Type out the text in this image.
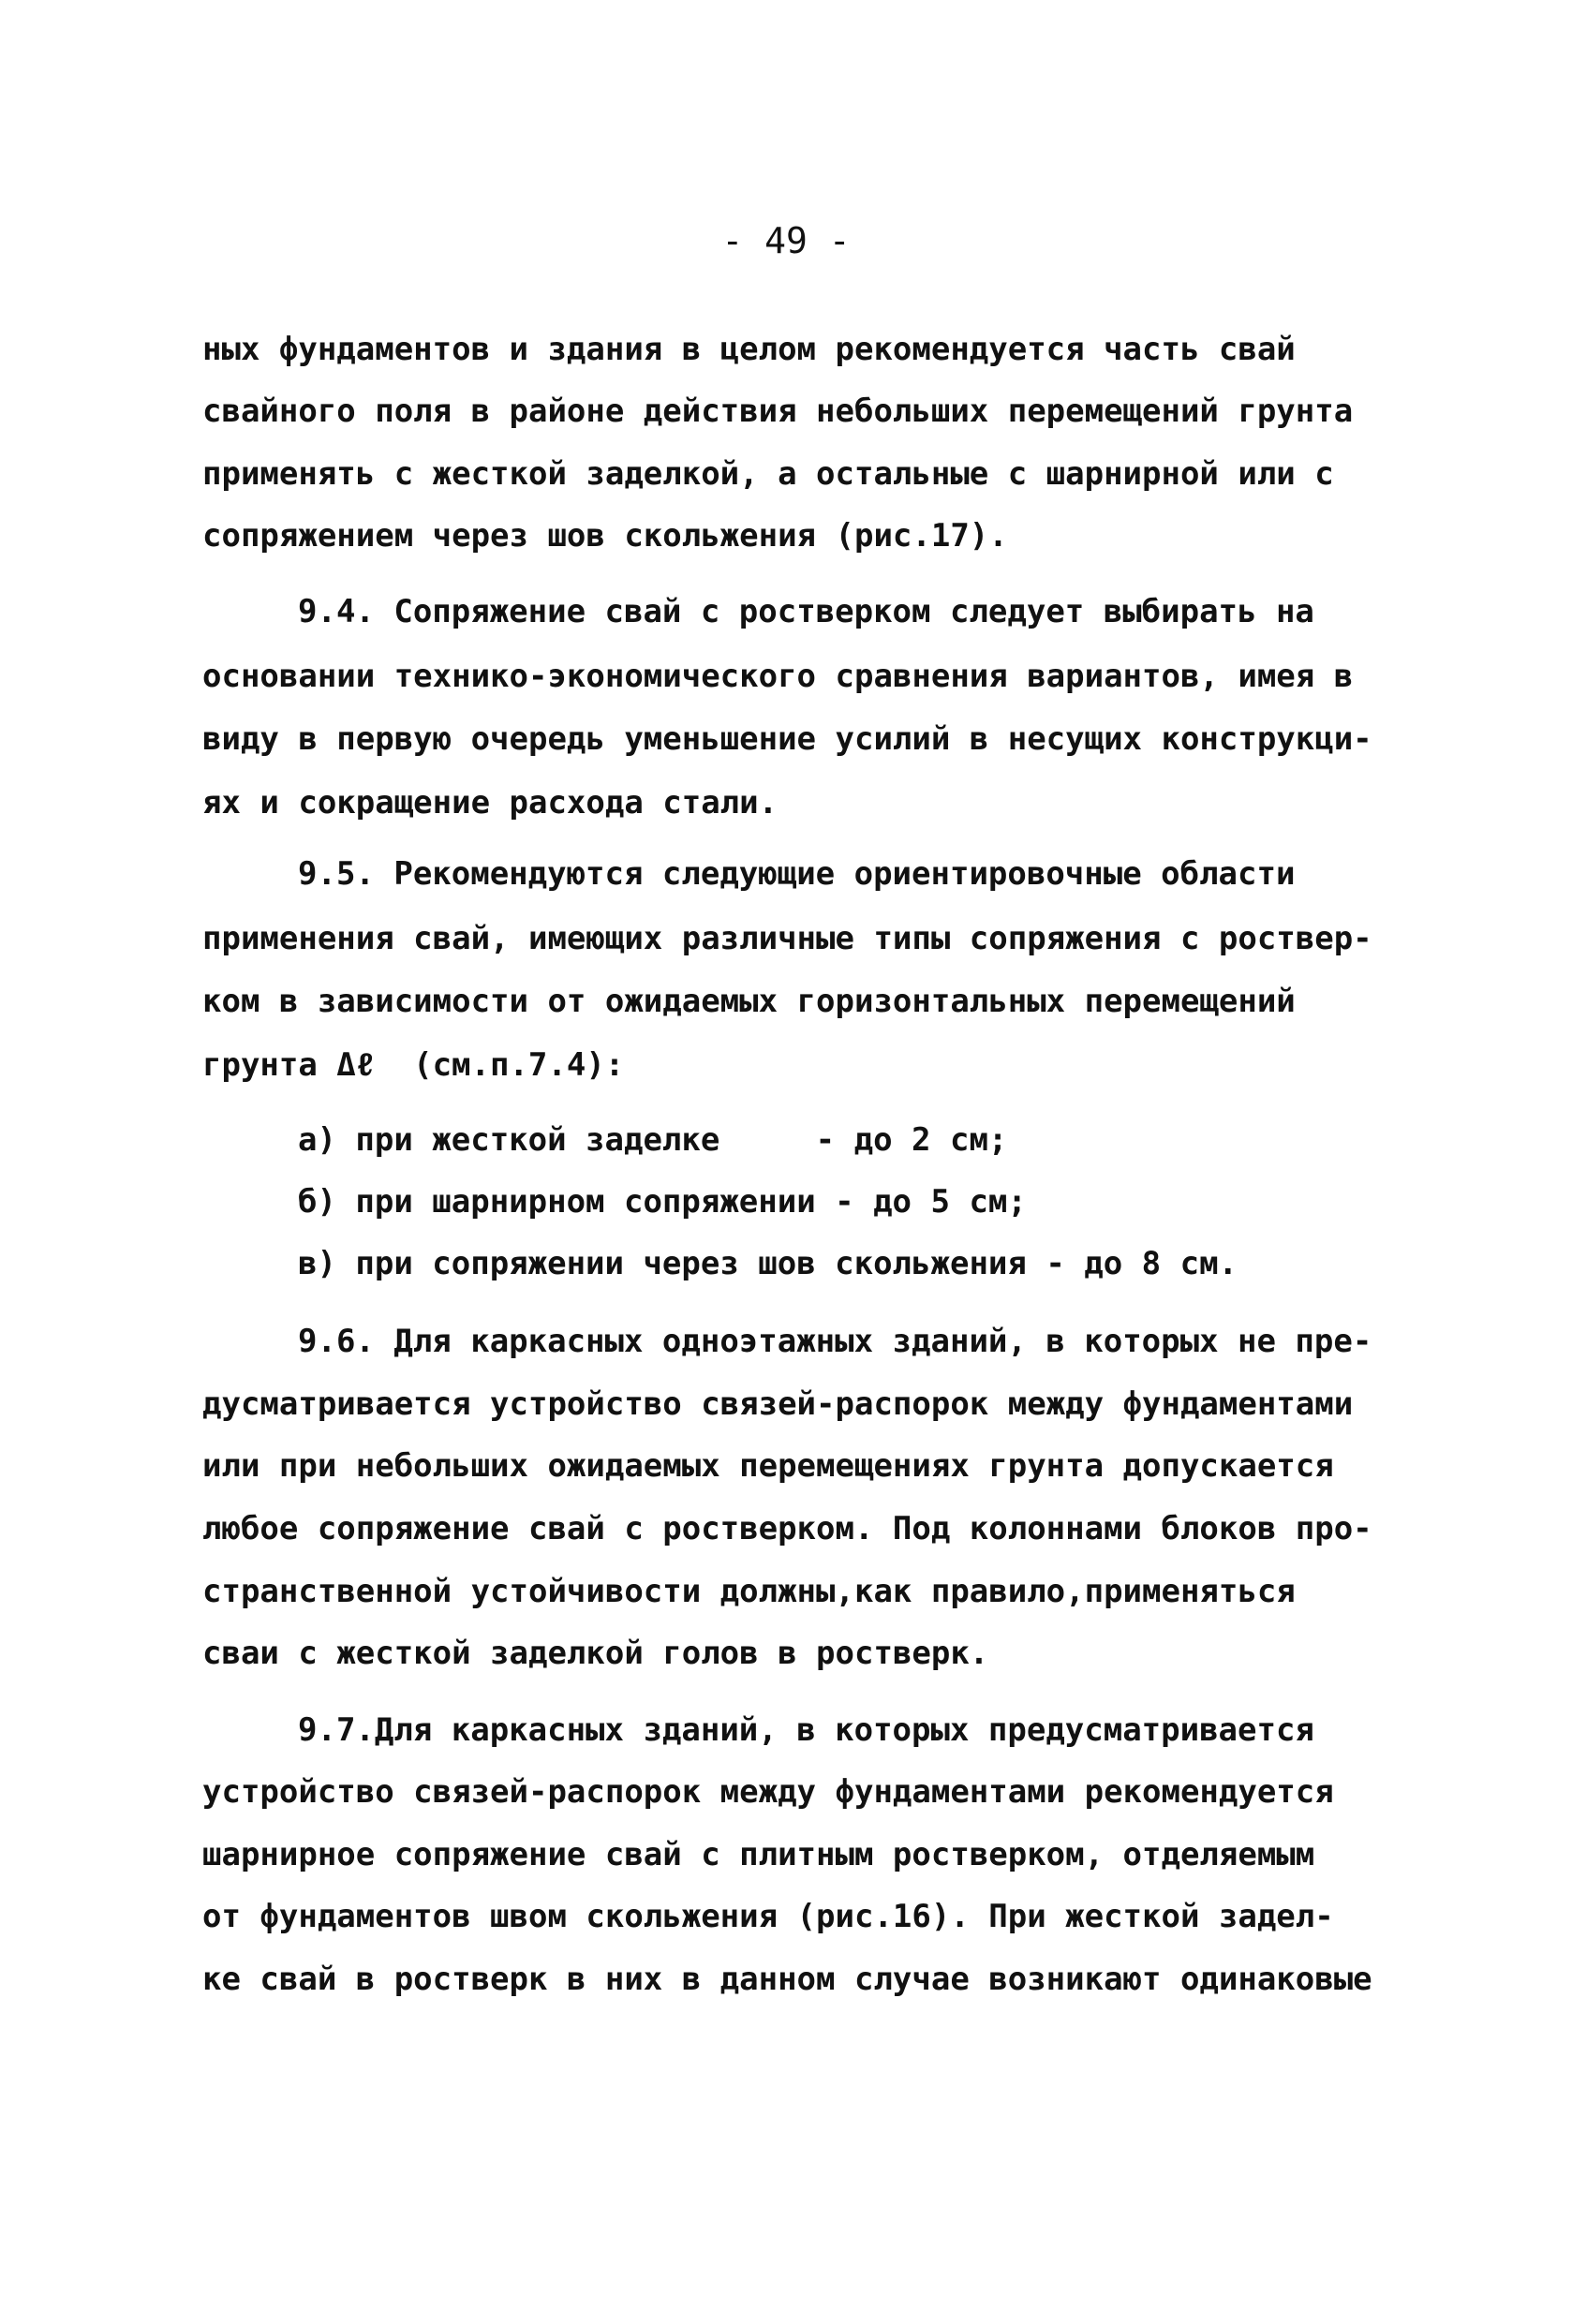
- 49 -

ных фундаментов и здания в целом рекомендуется часть свай

свайного поля в районе действия небольших перемещений грунта

применять с жесткой заделкой, а остальные с шарнирной или с

сопряжением через шов скольжения (рис.17).

9.4. Сопряжение свай с ростверком следует выбирать на

основании технико-экономического сравнения вариантов, имея в

виду в первую очередь уменьшение усилий в несущих конструкци-

ях и сокращение расхода стали.

9.5. Рекомендуются следующие ориентировочные области

применения свай, имеющих различные типы сопряжения с роствер-

ком в зависимости от ожидаемых горизонтальных перемещений

грунта Δℓ  (см.п.7.4):

а) при жесткой заделке     - до 2 см;

б) при шарнирном сопряжении - до 5 см;

в) при сопряжении через шов скольжения - до 8 см.

9.6. Для каркасных одноэтажных зданий, в которых не пре-

дусматривается устройство связей-распорок между фундаментами

или при небольших ожидаемых перемещениях грунта допускается

любое сопряжение свай с ростверком. Под колоннами блоков про-

странственной устойчивости должны,как правило,применяться

сваи с жесткой заделкой голов в ростверк.

9.7.Для каркасных зданий, в которых предусматривается

устройство связей-распорок между фундаментами рекомендуется

шарнирное сопряжение свай с плитным ростверком, отделяемым

от фундаментов швом скольжения (рис.16). При жесткой задел-

ке свай в ростверк в них в данном случае возникают одинаковые
